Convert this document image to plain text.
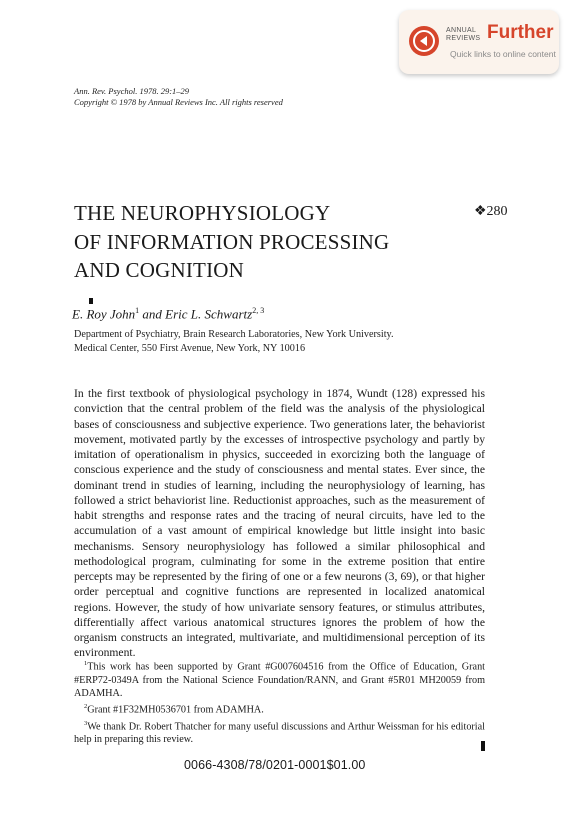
ANNUAL
REVIEWS Further
Quick links to online content
Ann. Rev. Psychol. 1978. 29:1–29
Copyright © 1978 by Annual Reviews Inc. All rights reserved
THE NEUROPHYSIOLOGY
OF INFORMATION PROCESSING
AND COGNITION
❖280
E. Roy John$^1$ and Eric L. Schwartz$^{2, 3}$
Department of Psychiatry, Brain Research Laboratories, New York University.
Medical Center, 550 First Avenue, New York, NY 10016

In the first textbook of physiological psychology in 1874, Wundt (128) expressed his conviction that the central problem of the field was the analysis of the physiological bases of consciousness and subjective experience. Two generations later, the behaviorist movement, motivated partly by the excesses of introspective psychology and partly by imitation of operationalism in physics, succeeded in exorcizing both the language of conscious experience and the study of consciousness and mental states. Ever since, the dominant trend in studies of learning, including the neurophysiology of learning, has followed a strict behaviorist line. Reductionist approaches, such as the measurement of habit strengths and response rates and the tracing of neural circuits, have led to the accumulation of a vast amount of empirical knowledge but little insight into basic mechanisms. Sensory neurophysiology has followed a similar philosophical and methodological program, culminating for some in the extreme position that entire percepts may be represented by the firing of one or a few neurons (3, 69), or that higher order perceptual and cognitive functions are represented in localized anatomical regions. However, the study of how univariate sensory features, or stimulus attributes, differentially affect various anatomical structures ignores the problem of how the organism constructs an integrated, multivariate, and multidimensional perception of its environment.

$^1$This work has been supported by Grant #G007604516 from the Office of Education, Grant #ERP72-0349A from the National Science Foundation/RANN, and Grant #5R01 MH20059 from ADAMHA.

$^2$Grant #1F32MH0536701 from ADAMHA.

$^3$We thank Dr. Robert Thatcher for many useful discussions and Arthur Weissman for his editorial help in preparing this review.

0066-4308/78/0201-0001$01.00
